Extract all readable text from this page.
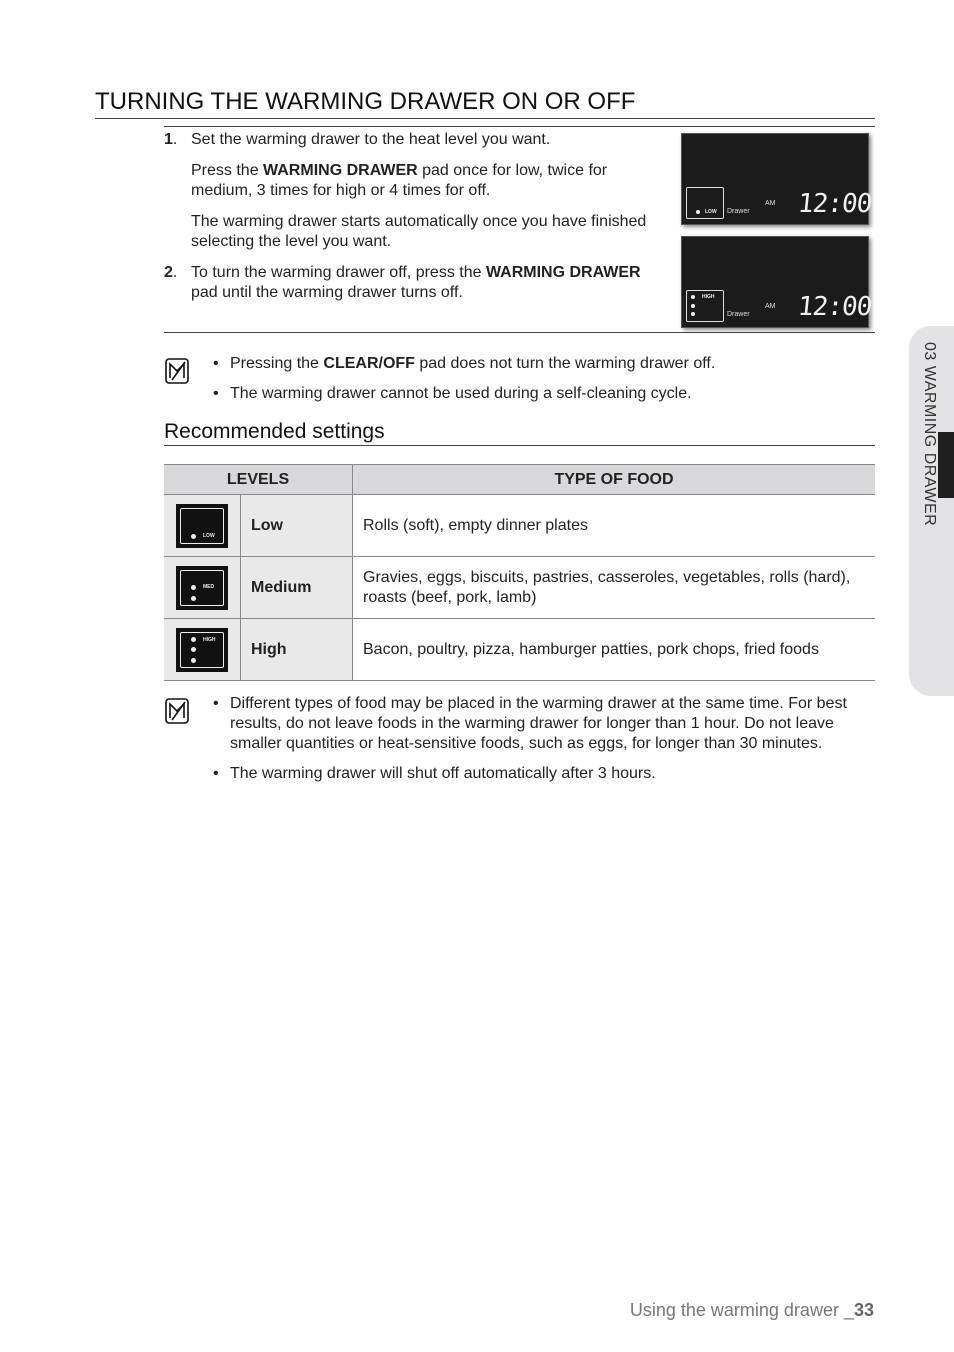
TURNING THE WARMING DRAWER ON OR OFF
1. Set the warming drawer to the heat level you want.

Press the WARMING DRAWER pad once for low, twice for medium, 3 times for high or 4 times for off.

The warming drawer starts automatically once you have finished selecting the level you want.

2. To turn the warming drawer off, press the WARMING DRAWER pad until the warming drawer turns off.

LOW Drawer
AM 12:00
HIGH
Drawer
AM 12:00
• Pressing the CLEAR/OFF pad does not turn the warming drawer off.
• The warming drawer cannot be used during a self-cleaning cycle.
Recommended settings
LEVELS		TYPE OF FOOD

LOW	Low	Rolls (soft), empty dinner plates

MED	Medium	Gravies, eggs, biscuits, pastries, casseroles, vegetables, rolls (hard), roasts (beef, pork, lamb)

HIGH	High	Bacon, poultry, pizza, hamburger patties, pork chops, fried foods
• Different types of food may be placed in the warming drawer at the same time. For best results, do not leave foods in the warming drawer for longer than 1 hour. Do not leave smaller quantities or heat-sensitive foods, such as eggs, for longer than 30 minutes.
• The warming drawer will shut off automatically after 3 hours.
03 WARMING DRAWER
Using the warming drawer _33
